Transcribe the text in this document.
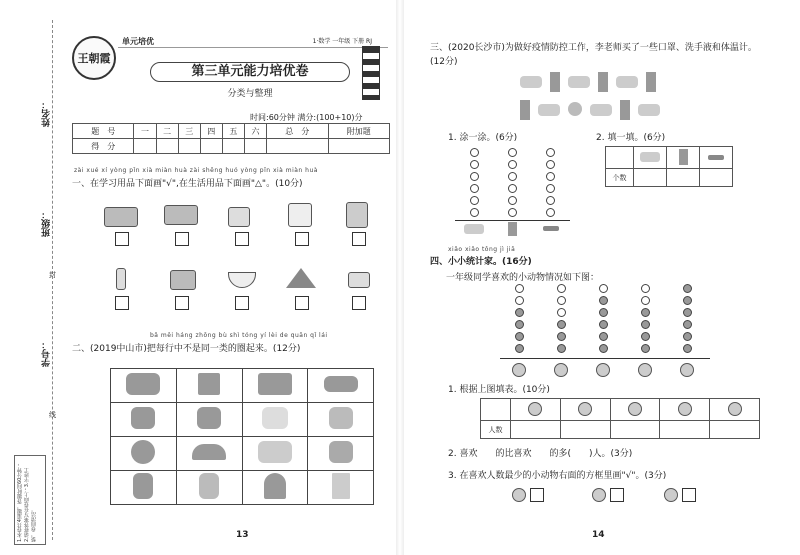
姓名：
班级：
学号：
封
线
1.本卷共4道题，答题时间60分钟；2.请将答案写在卷面上；3.字迹工整，卷面清洁。
王朝霞
单元培优	1·数学 一年级 下册 RJ
第三单元能力培优卷
分类与整理
时间:60分钟 满分:(100+10)分
题　号	一	二	三	四	五	六	总　分	附加题
得　分								
zài xué xí yòng pǐn xià miàn huà zài shēng huó yòng pǐn xià miàn huà
一、在学习用品下面画"√",在生活用品下面画"△"。(10分)
bǎ měi háng zhōng bù shì tóng yí lèi de quān qǐ lái
二、(2019中山市)把每行中不是同一类的圈起来。(12分)

13
三、(2020长沙市)为做好疫情防控工作，李老师买了一些口罩、洗手液和体温计。(12分)
1. 涂一涂。(6分)	2. 填一填。(6分)

个数			
xiǎo xiǎo tǒng jì jiā
四、小小统计家。(16分)
一年级同学喜欢的小动物情况如下图：
1. 根据上图填表。(10分)

人数					
2. 喜欢　　的比喜欢　　的多(　　)人。(3分)
3. 在喜欢人数最少的小动物右面的方框里画"√"。(3分)
14
